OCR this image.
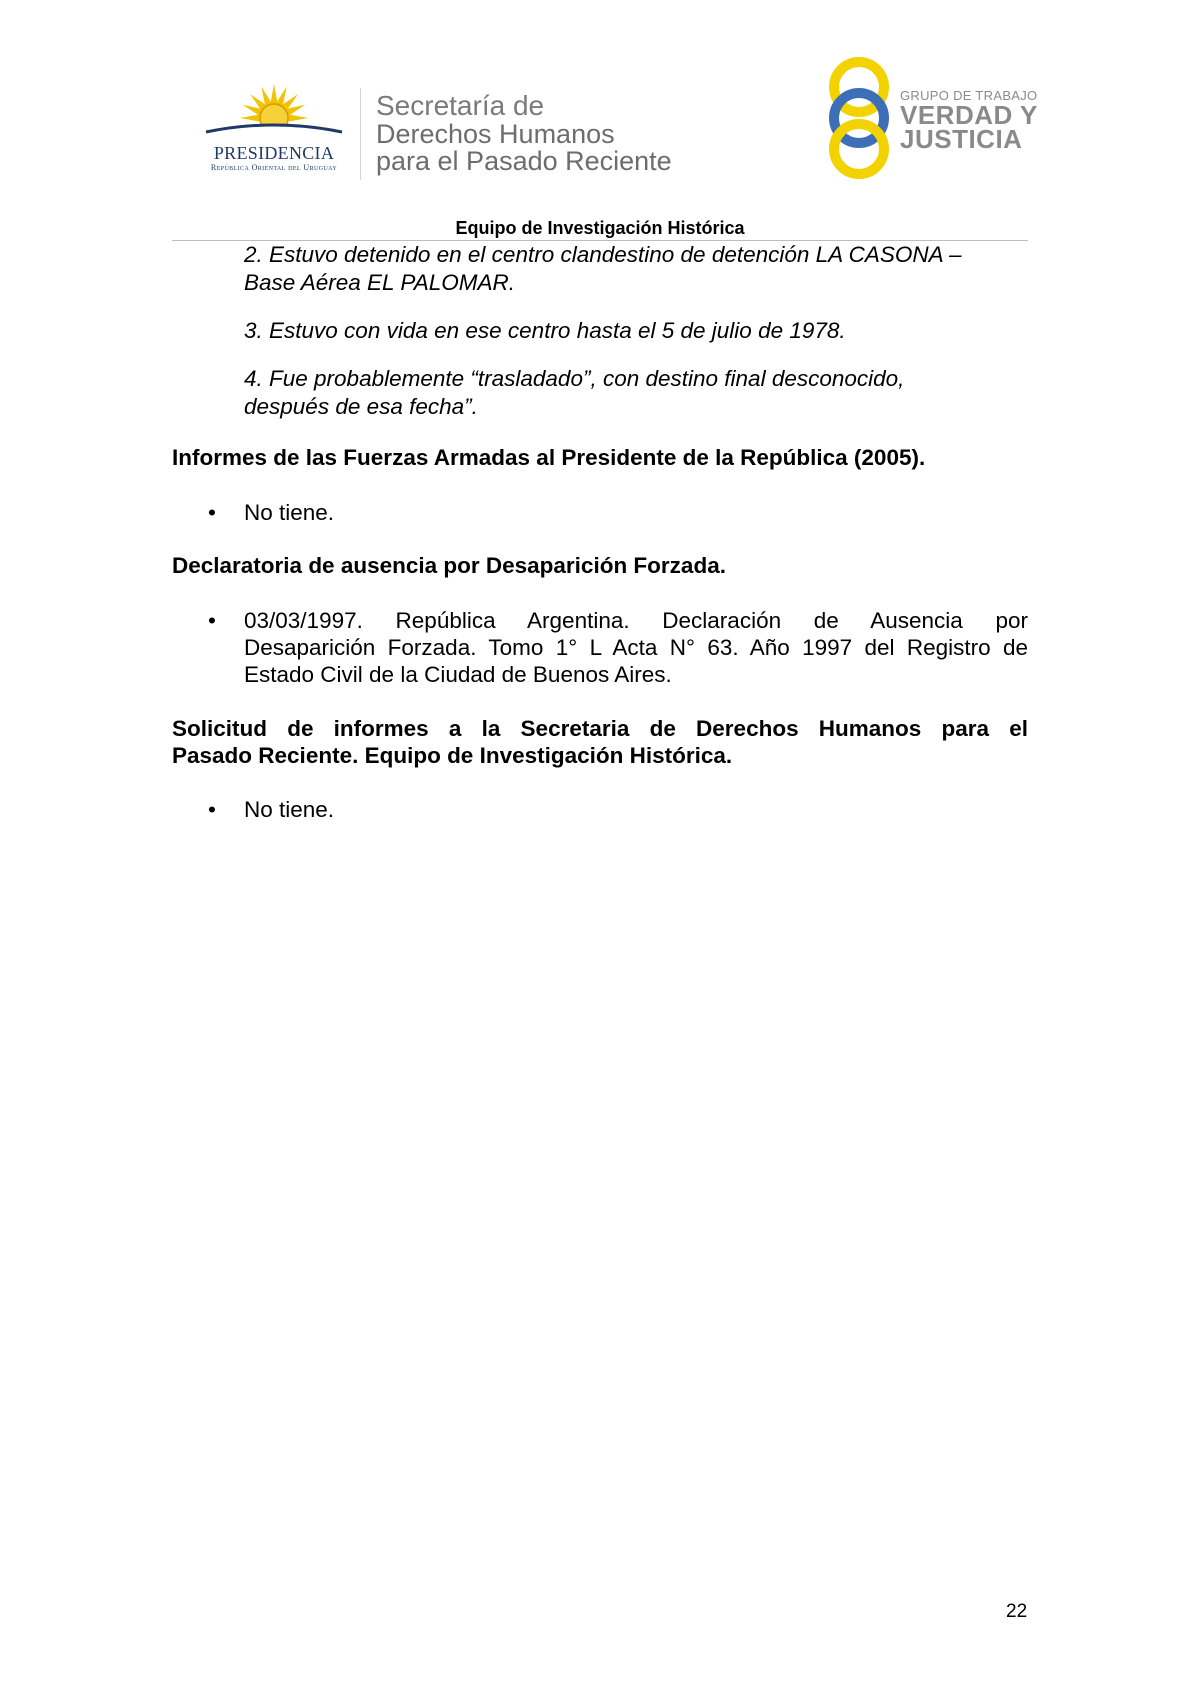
PRESIDENCIA
República Oriental del Uruguay
Secretaría de
Derechos Humanos
para el Pasado Reciente
GRUPO DE TRABAJO
VERDAD Y
JUSTICIA
Equipo de Investigación Histórica
2. Estuvo detenido en el centro clandestino de detención LA CASONA –
Base Aérea EL PALOMAR.
3. Estuvo con vida en ese centro hasta el 5 de julio de 1978.
4. Fue probablemente “trasladado”, con destino final desconocido,
después de esa fecha”.
Informes de las Fuerzas Armadas al Presidente de la República (2005).
• No tiene.
Declaratoria de ausencia por Desaparición Forzada.
• 03/03/1997. República Argentina. Declaración de Ausencia por
Desaparición Forzada. Tomo 1° L Acta N° 63. Año 1997 del Registro de
Estado Civil de la Ciudad de Buenos Aires.
Solicitud de informes a la Secretaria de Derechos Humanos para el
Pasado Reciente. Equipo de Investigación Histórica.
• No tiene.
22
